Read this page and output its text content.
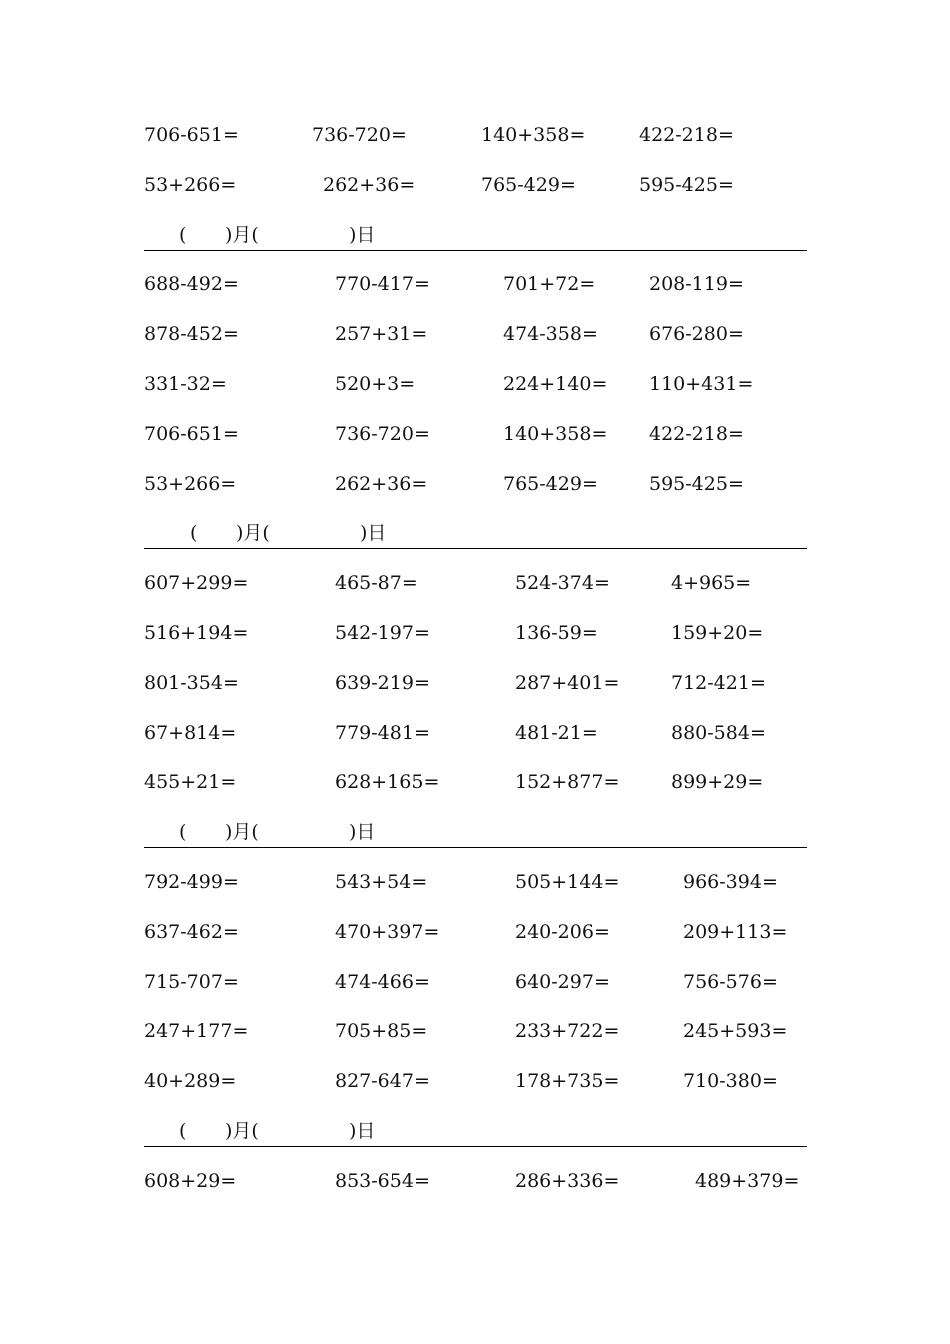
706-651=	736-720=	140+358=	422-218=
53+266=	262+36=	765-429=	595-425=
( )月(	)日
688-492=	770-417=	701+72=	208-119=
878-452=	257+31=	474-358=	676-280=
331-32=	520+3=	224+140= 110+431=
706-651=	736-720=	140+358= 422-218=
53+266=	262+36=	765-429=	595-425=
( )月(	)日
607+299=	465-87=	524-374=	4+965=
516+194=	542-197=	136-59=	159+20=
801-354=	639-219=	287+401=	712-421=
67+814=	779-481=	481-21=	880-584=
455+21=	628+165=	152+877=	899+29=
( )月(	)日
792-499=	543+54=	505+144=	966-394=
637-462=	470+397=	240-206=	209+113=
715-707=	474-466=	640-297=	756-576=
247+177=	705+85=	233+722=	245+593=
40+289=	827-647=	178+735=	710-380=
( )月(	)日
608+29=	853-654=	286+336=	489+379=
